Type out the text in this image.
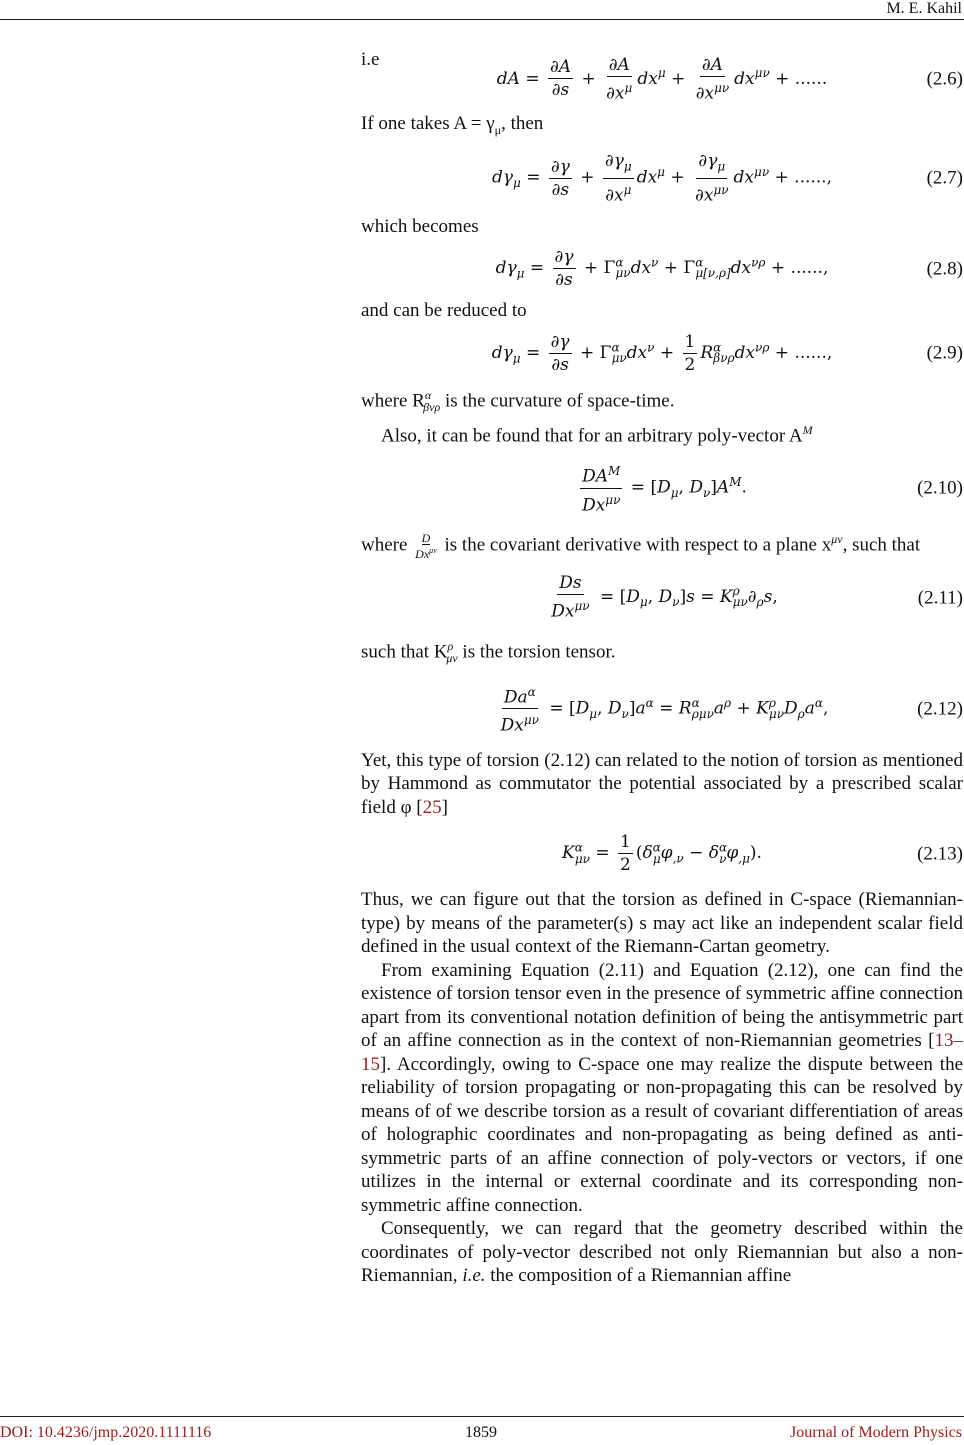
M. E. Kahil

i.e

dA = $\frac{\partial A}{\partial s} + \frac{\partial A}{\partial x^\mu} dx^\mu + \frac{\partial A}{\partial x^{\mu\nu}} dx^{\mu\nu}$ + ......	(2.6)

If one takes $A = \gamma_\mu$, then

$d\gamma_\mu = \frac{\partial\gamma}{\partial s} + \frac{\partial\gamma_\mu}{\partial x^\mu} dx^\mu + \frac{\partial\gamma_\mu}{\partial x^{\mu\nu}} dx^{\mu\nu}$ + ......,	(2.7)

which becomes

$d\gamma_\mu = \frac{\partial\gamma}{\partial s} + \Gamma^\alpha_{\mu\nu}dx^\nu + \Gamma^\alpha_{\mu[\nu,\rho]}dx^{\nu\rho}$ + ......,	(2.8)

and can be reduced to

$d\gamma_\mu = \frac{\partial\gamma}{\partial s} + \Gamma^\alpha_{\mu\nu}dx^\nu + \frac{1}{2} R^\alpha_{\beta\nu\rho}dx^{\nu\rho}$ + ......,	(2.9)

where $R^\alpha_{\beta\nu\rho}$ is the curvature of space-time.

Also, it can be found that for an arbitrary poly-vector $A^M$

$\frac{DA^M}{Dx^{\mu\nu}} = [D_\mu$, $D_\nu]A^M$.	(2.10)

where $\frac{D}{Dx^{\mu\nu}}$ is the covariant derivative with respect to a plane $x^{\mu\nu}$, such that

$\frac{Ds}{Dx^{\mu\nu}} = [D_\mu$, $D_\nu]s = K^\rho_{\mu\nu}\partial_\rho s$,	(2.11)

such that $K^\rho_{\mu\nu}$ is the torsion tensor.

$\frac{Da^\alpha}{Dx^{\mu\nu}} = [D_\mu$, $D_\nu]a^\alpha = R^\alpha_{\rho\mu\nu}a^\rho + K^\rho_{\mu\nu}D_\rho a^\alpha$,	(2.12)

Yet, this type of torsion (2.12) can related to the notion of torsion as mentioned by Hammond as commutator the potential associated by a prescribed scalar field φ [25]

$K^\alpha_{\mu\nu} = \frac{1}{2} (\delta^\alpha_\mu\varphi_{,\nu} - \delta^\alpha_\nu\varphi_{,\mu})$.	(2.13)

Thus, we can figure out that the torsion as defined in C-space (Riemannian-type) by means of the parameter(s) s may act like an independent scalar field defined in the usual context of the Riemann-Cartan geometry.

From examining Equation (2.11) and Equation (2.12), one can find the existence of torsion tensor even in the presence of symmetric affine connection apart from its conventional notation definition of being the antisymmetric part of an affine connection as in the context of non-Riemannian geometries [13–15]. Accordingly, owing to C-space one may realize the dispute between the reliability of torsion propagating or non-propagating this can be resolved by means of of we describe torsion as a result of covariant differentiation of areas of holographic coordinates and non-propagating as being defined as anti-symmetric parts of an affine connection of poly-vectors or vectors, if one utilizes in the internal or external coordinate and its corresponding non-symmetric affine connection.

Consequently, we can regard that the geometry described within the coordinates of poly-vector described not only Riemannian but also a non-Riemannian, i.e. the composition of a Riemannian affine

DOI: 10.4236/jmp.2020.1111116	1859	Journal of Modern Physics
